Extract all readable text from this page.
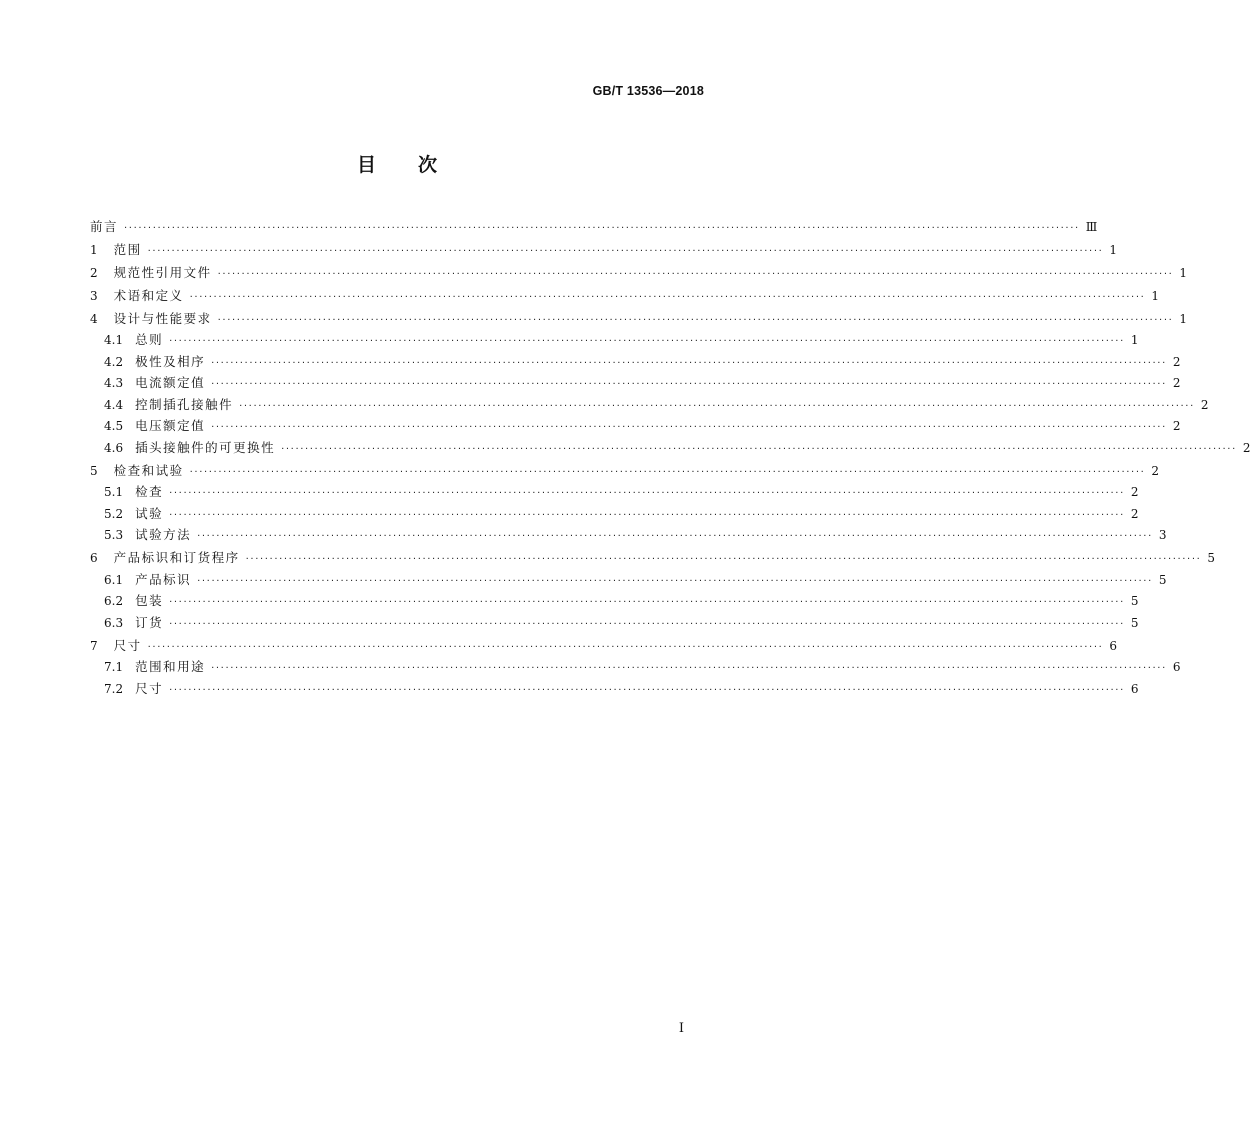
GB/T 13536—2018
目 次
前言 ········································································································································································································ Ⅲ
1 范围 ········································································································································································································ 1
2 规范性引用文件 ········································································································································································································ 1
3 术语和定义 ········································································································································································································ 1
4 设计与性能要求 ········································································································································································································ 1
4.1 总则 ········································································································································································································ 1
4.2 极性及相序 ········································································································································································································ 2
4.3 电流额定值 ········································································································································································································ 2
4.4 控制插孔接触件 ········································································································································································································ 2
4.5 电压额定值 ········································································································································································································ 2
4.6 插头接触件的可更换性 ········································································································································································································ 2
5 检查和试验 ········································································································································································································ 2
5.1 检查 ········································································································································································································ 2
5.2 试验 ········································································································································································································ 2
5.3 试验方法 ········································································································································································································ 3
6 产品标识和订货程序 ········································································································································································································ 5
6.1 产品标识 ········································································································································································································ 5
6.2 包装 ········································································································································································································ 5
6.3 订货 ········································································································································································································ 5
7 尺寸 ········································································································································································································ 6
7.1 范围和用途 ········································································································································································································ 6
7.2 尺寸 ········································································································································································································ 6
I
